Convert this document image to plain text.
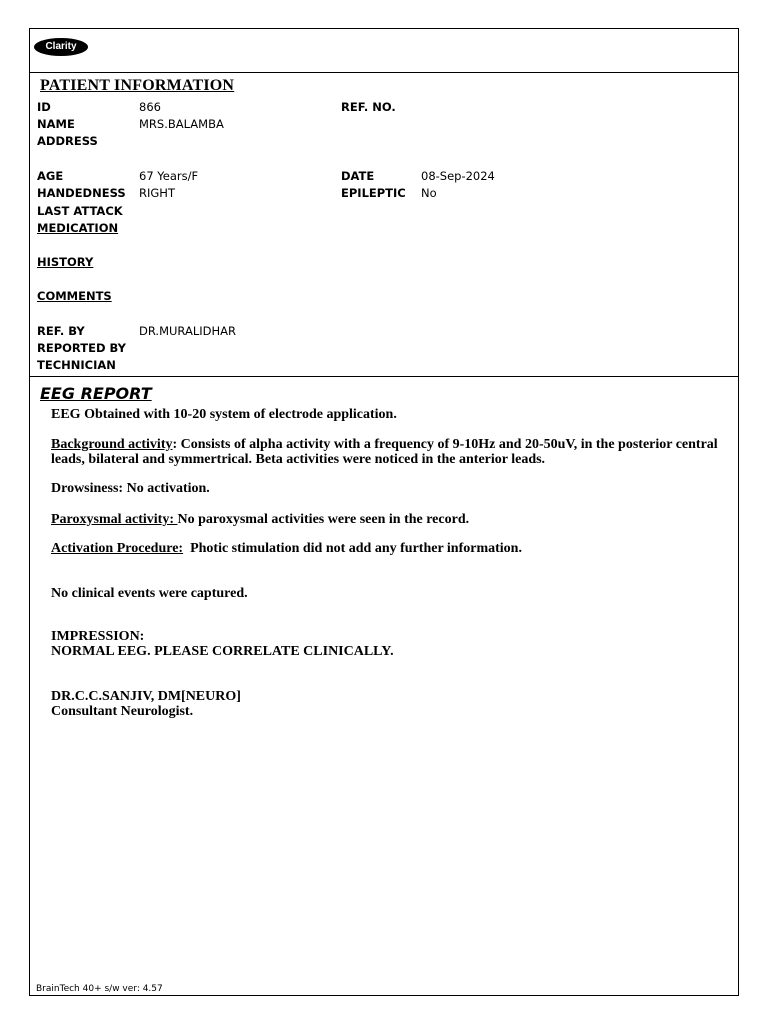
Clarity
PATIENT INFORMATION
ID	866	REF. NO.
NAME	MRS.BALAMBA
ADDRESS
AGE	67 Years/F	DATE	08-Sep-2024
HANDEDNESS RIGHT	EPILEPTIC No
LAST ATTACK
MEDICATION
HISTORY
COMMENTS
REF. BY	DR.MURALIDHAR
REPORTED BY
TECHNICIAN
EEG REPORT
EEG Obtained with 10-20 system of electrode application.
Background activity: Consists of alpha activity with a frequency of 9-10Hz and 20-50uV, in the posterior central leads, bilateral and symmertrical. Beta activities were noticed in the anterior leads.
Drowsiness: No activation.
Paroxysmal activity: No paroxysmal activities were seen in the record.
Activation Procedure:  Photic stimulation did not add any further information.
No clinical events were captured.
IMPRESSION:
NORMAL EEG. PLEASE CORRELATE CLINICALLY.
DR.C.C.SANJIV, DM[NEURO]
Consultant Neurologist.
BrainTech 40+ s/w ver: 4.57
